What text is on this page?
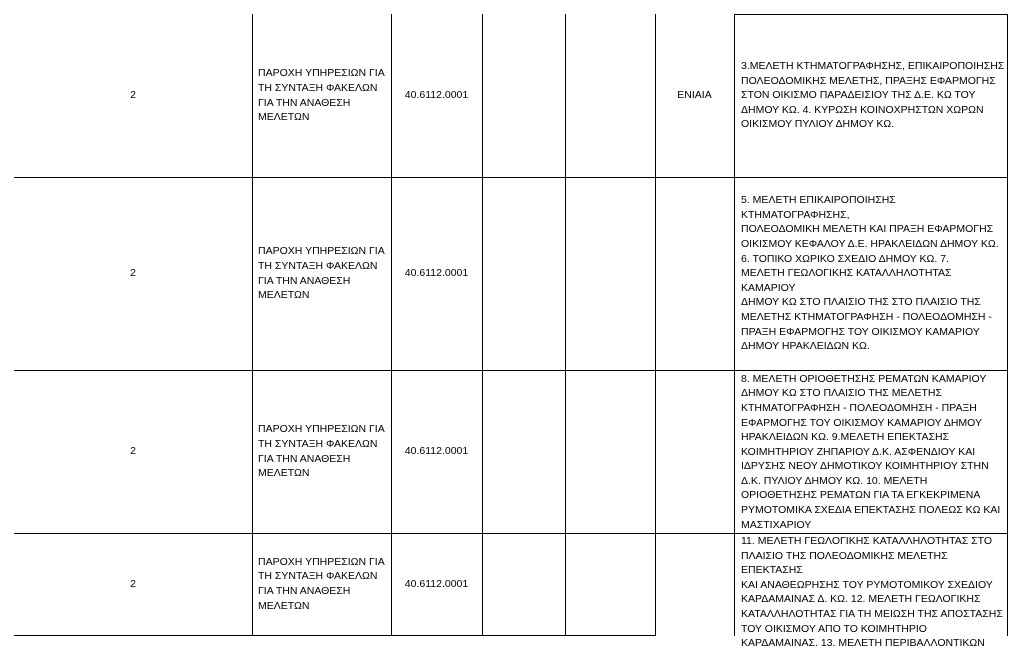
2
ΠΑΡΟΧΗ ΥΠΗΡΕΣΙΩΝ ΓΙΑ
ΤΗ ΣΥΝΤΑΞΗ ΦΑΚΕΛΩΝ
ΓΙΑ ΤΗΝ ΑΝΑΘΕΣΗ
ΜΕΛΕΤΩΝ
40.6112.0001	ΕΝΙΑΙΑ
3.ΜΕΛΕΤΗ ΚΤΗΜΑΤΟΓΡΑΦΗΣΗΣ, ΕΠΙΚΑΙΡΟΠΟΙΗΣΗΣ
ΠΟΛΕΟΔΟΜΙΚΗΣ ΜΕΛΕΤΗΣ, ΠΡΑΞΗΣ ΕΦΑΡΜΟΓΗΣ
ΣΤΟΝ ΟΙΚΙΣΜΟ ΠΑΡΑΔΕΙΣΙΟΥ ΤΗΣ Δ.Ε. ΚΩ ΤΟΥ
ΔΗΜΟΥ ΚΩ. 4. ΚΥΡΩΣΗ ΚΟΙΝΟΧΡΗΣΤΩΝ ΧΩΡΩΝ
ΟΙΚΙΣΜΟΥ ΠΥΛΙΟΥ ΔΗΜΟΥ ΚΩ.
2
ΠΑΡΟΧΗ ΥΠΗΡΕΣΙΩΝ ΓΙΑ
ΤΗ ΣΥΝΤΑΞΗ ΦΑΚΕΛΩΝ
ΓΙΑ ΤΗΝ ΑΝΑΘΕΣΗ
ΜΕΛΕΤΩΝ
40.6112.0001
5. ΜΕΛΕΤΗ ΕΠΙΚΑΙΡΟΠΟΙΗΣΗΣ ΚΤΗΜΑΤΟΓΡΑΦΗΣΗΣ,
ΠΟΛΕΟΔΟΜΙΚΗ ΜΕΛΕΤΗ ΚΑΙ ΠΡΑΞΗ ΕΦΑΡΜΟΓΗΣ
ΟΙΚΙΣΜΟΥ ΚΕΦΑΛΟΥ Δ.Ε. ΗΡΑΚΛΕΙΔΩΝ ΔΗΜΟΥ ΚΩ.
6. ΤΟΠΙΚΟ ΧΩΡΙΚΟ ΣΧΕΔΙΟ ΔΗΜΟΥ ΚΩ. 7.
ΜΕΛΕΤΗ ΓΕΩΛΟΓΙΚΗΣ ΚΑΤΑΛΛΗΛΟΤΗΤΑΣ ΚΑΜΑΡΙΟΥ
ΔΗΜΟΥ ΚΩ ΣΤΟ ΠΛΑΙΣΙΟ ΤΗΣ ΣΤΟ ΠΛΑΙΣΙΟ ΤΗΣ
ΜΕΛΕΤΗΣ ΚΤΗΜΑΤΟΓΡΑΦΗΣΗ - ΠΟΛΕΟΔΟΜΗΣΗ -
ΠΡΑΞΗ ΕΦΑΡΜΟΓΗΣ ΤΟΥ ΟΙΚΙΣΜΟΥ ΚΑΜΑΡΙΟΥ
ΔΗΜΟΥ ΗΡΑΚΛΕΙΔΩΝ ΚΩ.
2
ΠΑΡΟΧΗ ΥΠΗΡΕΣΙΩΝ ΓΙΑ
ΤΗ ΣΥΝΤΑΞΗ ΦΑΚΕΛΩΝ
ΓΙΑ ΤΗΝ ΑΝΑΘΕΣΗ
ΜΕΛΕΤΩΝ
40.6112.0001
8. ΜΕΛΕΤΗ ΟΡΙΟΘΕΤΗΣΗΣ ΡΕΜΑΤΩΝ ΚΑΜΑΡΙΟΥ
ΔΗΜΟΥ ΚΩ ΣΤΟ ΠΛΑΙΣΙΟ ΤΗΣ ΜΕΛΕΤΗΣ
ΚΤΗΜΑΤΟΓΡΑΦΗΣΗ - ΠΟΛΕΟΔΟΜΗΣΗ - ΠΡΑΞΗ
ΕΦΑΡΜΟΓΗΣ ΤΟΥ ΟΙΚΙΣΜΟΥ ΚΑΜΑΡΙΟΥ ΔΗΜΟΥ
ΗΡΑΚΛΕΙΔΩΝ ΚΩ. 9.ΜΕΛΕΤΗ ΕΠΕΚΤΑΣΗΣ
ΚΟΙΜΗΤΗΡΙΟΥ ΖΗΠΑΡΙΟΥ Δ.Κ. ΑΣΦΕΝΔΙΟΥ ΚΑΙ
ΙΔΡΥΣΗΣ ΝΕΟΥ ΔΗΜΟΤΙΚΟΥ ΚΟΙΜΗΤΗΡΙΟΥ ΣΤΗΝ
Δ.Κ. ΠΥΛΙΟΥ ΔΗΜΟΥ ΚΩ. 10. ΜΕΛΕΤΗ
ΟΡΙΟΘΕΤΗΣΗΣ ΡΕΜΑΤΩΝ ΓΙΑ ΤΑ ΕΓΚΕΚΡΙΜΕΝΑ
ΡΥΜΟΤΟΜΙΚΑ ΣΧΕΔΙΑ ΕΠΕΚΤΑΣΗΣ ΠΟΛΕΩΣ ΚΩ ΚΑΙ
ΜΑΣΤΙΧΑΡΙΟΥ
2
ΠΑΡΟΧΗ ΥΠΗΡΕΣΙΩΝ ΓΙΑ
ΤΗ ΣΥΝΤΑΞΗ ΦΑΚΕΛΩΝ
ΓΙΑ ΤΗΝ ΑΝΑΘΕΣΗ
ΜΕΛΕΤΩΝ
40.6112.0001
11. ΜΕΛΕΤΗ ΓΕΩΛΟΓΙΚΗΣ ΚΑΤΑΛΛΗΛΟΤΗΤΑΣ ΣΤΟ
ΠΛΑΙΣΙΟ ΤΗΣ ΠΟΛΕΟΔΟΜΙΚΗΣ ΜΕΛΕΤΗΣ ΕΠΕΚΤΑΣΗΣ
ΚΑΙ ΑΝΑΘΕΩΡΗΣΗΣ ΤΟΥ ΡΥΜΟΤΟΜΙΚΟΥ ΣΧΕΔΙΟΥ
ΚΑΡΔΑΜΑΙΝΑΣ Δ. ΚΩ. 12. ΜΕΛΕΤΗ ΓΕΩΛΟΓΙΚΗΣ
ΚΑΤΑΛΛΗΛΟΤΗΤΑΣ ΓΙΑ ΤΗ ΜΕΙΩΣΗ ΤΗΣ ΑΠΟΣΤΑΣΗΣ
ΤΟΥ ΟΙΚΙΣΜΟΥ ΑΠΟ ΤΟ ΚΟΙΜΗΤΗΡΙΟ
ΚΑΡΔΑΜΑΙΝΑΣ. 13. ΜΕΛΕΤΗ ΠΕΡΙΒΑΛΛΟΝΤΙΚΩΝ
